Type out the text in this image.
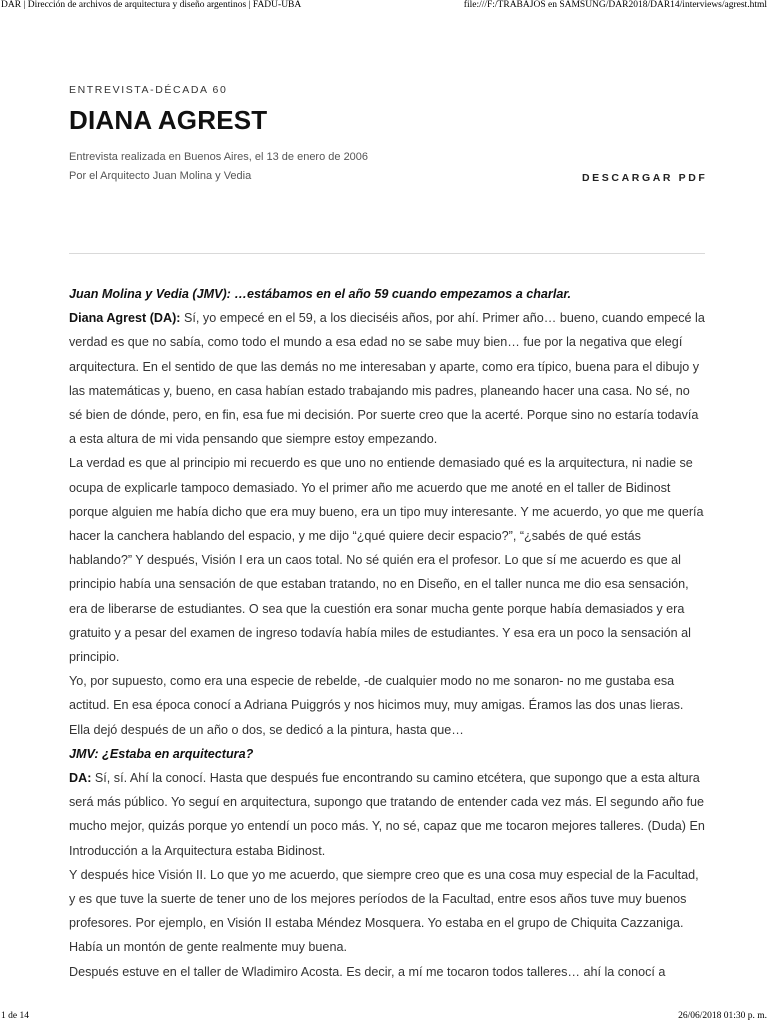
DAR | Dirección de archivos de arquitectura y diseño argentinos | FADU-UBA	file:///F:/TRABAJOS en SAMSUNG/DAR2018/DAR14/interviews/agrest.html
ENTREVISTA-DÉCADA 60
DIANA AGREST
Entrevista realizada en Buenos Aires, el 13 de enero de 2006
Por el Arquitecto Juan Molina y Vedia	DESCARGAR PDF

Juan Molina y Vedia (JMV): …estábamos en el año 59 cuando empezamos a charlar.

Diana Agrest (DA): Sí, yo empecé en el 59, a los dieciséis años, por ahí. Primer año… bueno, cuando empecé la verdad es que no sabía, como todo el mundo a esa edad no se sabe muy bien… fue por la negativa que elegí arquitectura. En el sentido de que las demás no me interesaban y aparte, como era típico, buena para el dibujo y las matemáticas y, bueno, en casa habían estado trabajando mis padres, planeando hacer una casa. No sé, no sé bien de dónde, pero, en fin, esa fue mi decisión. Por suerte creo que la acerté. Porque sino no estaría todavía a esta altura de mi vida pensando que siempre estoy empezando.

La verdad es que al principio mi recuerdo es que uno no entiende demasiado qué es la arquitectura, ni nadie se ocupa de explicarle tampoco demasiado. Yo el primer año me acuerdo que me anoté en el taller de Bidinost porque alguien me había dicho que era muy bueno, era un tipo muy interesante. Y me acuerdo, yo que me quería hacer la canchera hablando del espacio, y me dijo “¿qué quiere decir espacio?”, “¿sabés de qué estás hablando?” Y después, Visión I era un caos total. No sé quién era el profesor. Lo que sí me acuerdo es que al principio había una sensación de que estaban tratando, no en Diseño, en el taller nunca me dio esa sensación, era de liberarse de estudiantes. O sea que la cuestión era sonar mucha gente porque había demasiados y era gratuito y a pesar del examen de ingreso todavía había miles de estudiantes. Y esa era un poco la sensación al principio.

Yo, por supuesto, como era una especie de rebelde, -de cualquier modo no me sonaron- no me gustaba esa actitud. En esa época conocí a Adriana Puiggrós y nos hicimos muy, muy amigas. Éramos las dos unas lieras. Ella dejó después de un año o dos, se dedicó a la pintura, hasta que…

JMV: ¿Estaba en arquitectura?

DA: Sí, sí. Ahí la conocí. Hasta que después fue encontrando su camino etcétera, que supongo que a esta altura será más público. Yo seguí en arquitectura, supongo que tratando de entender cada vez más. El segundo año fue mucho mejor, quizás porque yo entendí un poco más. Y, no sé, capaz que me tocaron mejores talleres. (Duda) En Introducción a la Arquitectura estaba Bidinost.

Y después hice Visión II. Lo que yo me acuerdo, que siempre creo que es una cosa muy especial de la Facultad, y es que tuve la suerte de tener uno de los mejores períodos de la Facultad, entre esos años tuve muy buenos profesores. Por ejemplo, en Visión II estaba Méndez Mosquera. Yo estaba en el grupo de Chiquita Cazzaniga. Había un montón de gente realmente muy buena.

Después estuve en el taller de Wladimiro Acosta. Es decir, a mí me tocaron todos talleres… ahí la conocí a

1 de 14	26/06/2018 01:30 p. m.
